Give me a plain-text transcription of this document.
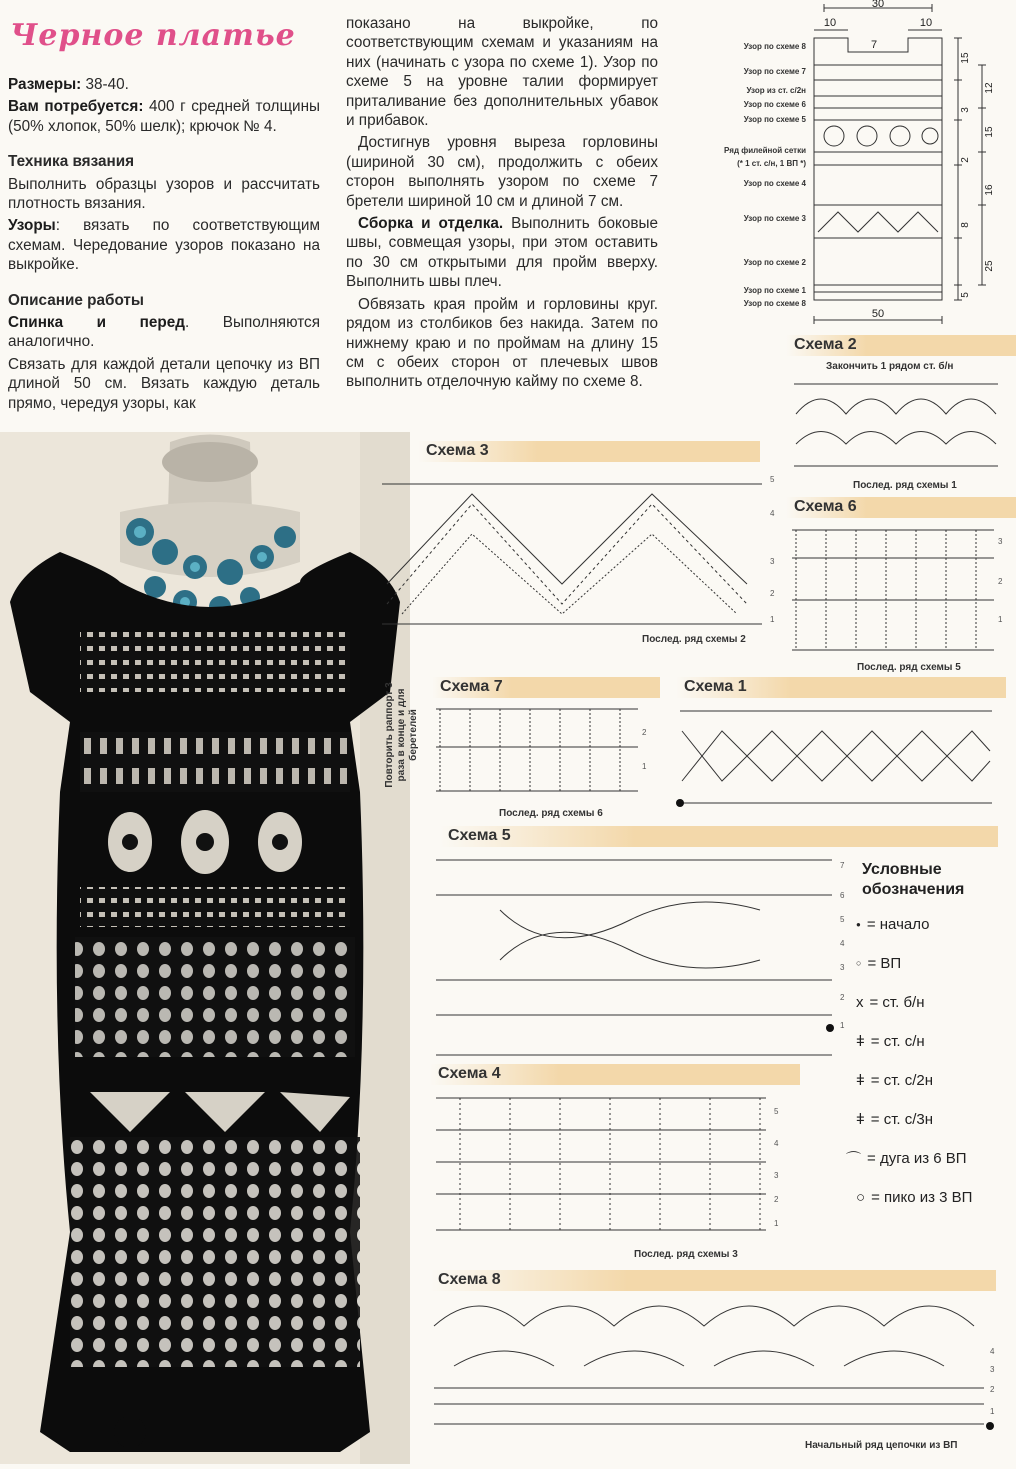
Черное платье

Размеры: 38-40.

Вам потребуется: 400 г средней толщины (50% хлопок, 50% шелк); крючок № 4.

Техника вязания

Выполнить образцы узоров и рассчитать плотность вязания.

Узоры: вязать по соответствующим схемам. Чередование узоров показано на выкройке.

Описание работы

Спинка и перед. Выполняются аналогично.

Связать для каждой детали цепочку из ВП длиной 50 см. Вязать каждую деталь прямо, чередуя узоры, как

показано на выкройке, по соответствующим схемам и указаниям на них (начинать с узора по схеме 1). Узор по схеме 5 на уровне талии формирует приталивание без дополнительных убавок и прибавок.

Достигнув уровня выреза горловины (шириной 30 см), продолжить с обеих сторон выполнять узором по схеме 7 бретели шириной 10 см и длиной 7 см.

Сборка и отделка. Выполнить боковые швы, совмещая узоры, при этом оставить по 30 см открытыми для пройм вверху. Выполнить швы плеч.

Обвязать края пройм и горловины круг. рядом из столбиков без накида. Затем по нижнему краю и по проймам на длину 15 см с обеих сторон от плечевых швов выполнить отделочную кайму по схеме 8.

30
10	10
50
7
15
3
2
8
5
12
15
16
25
Узор по схеме 8
Узор по схеме 7
Узор из ст. с/2н
Узор по схеме 6
Узор по схеме 5
Ряд филейной сетки
(* 1 ст. с/н, 1 ВП *)
Узор по схеме 4
Узор по схеме 3
Узор по схеме 2
Узор по схеме 1
Узор по схеме 8
Схема 3
5
4
3
2
1
Послед. ряд схемы 2
Схема 2
Закончить 1 рядом ст. б/н
Послед. ряд схемы 1
Схема 6
3
2
1
Послед. ряд схемы 5
Схема 7
Повторить раппорт 3 раза в конце и для беретелей	2
1
Послед. ряд схемы 6
Схема 1
Схема 5
7
6
5
4
3
2
1
Условные обозначения
● = начало
○ = ВП
x = ст. б/н
ǂ = ст. с/н
ǂ = ст. с/2н
ǂ = ст. с/3н
⌒ = дуга из 6 ВП
○ = пико из 3 ВП
Схема 4
5
4
3
2
1
Послед. ряд схемы 3
Схема 8
4
3
2
1
Начальный ряд цепочки из ВП
